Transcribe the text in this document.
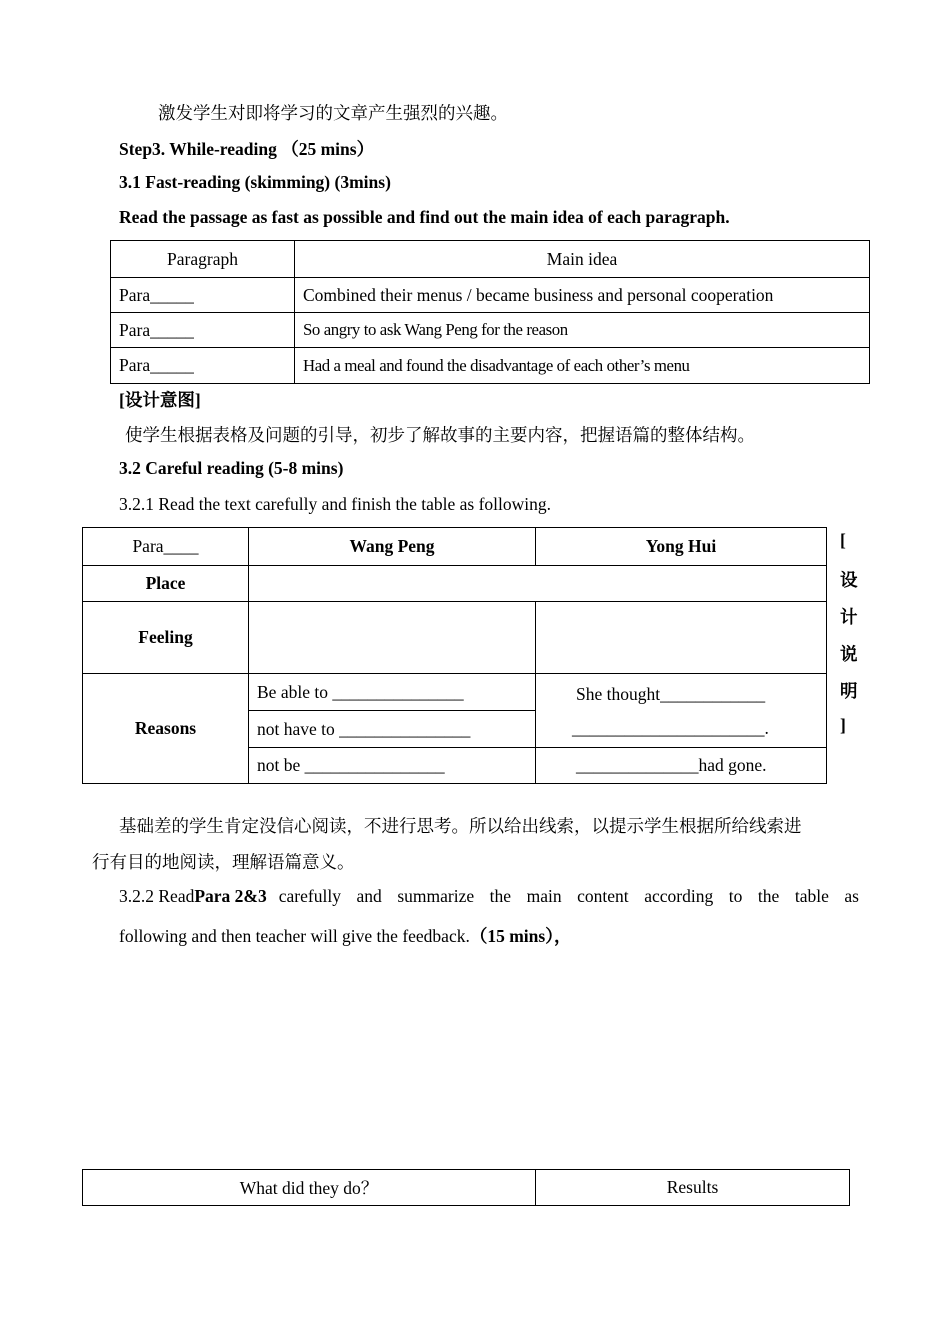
激发学生对即将学习的文章产生强烈的兴趣。
Step3. While-reading （25 mins）
3.1 Fast-reading (skimming) (3mins)
Read the passage as fast as possible and find out the main idea of each paragraph.
Paragraph	Main idea
Para_____	Combined their menus / became business and personal cooperation
Para_____	So angry to ask Wang Peng for the reason
Para_____	Had a meal and found the disadvantage of each other’s menu
[设计意图]
使学生根据表格及问题的引导，初步了解故事的主要内容，把握语篇的整体结构。
3.2 Careful reading (5-8 mins)
3.2.1 Read the text carefully and finish the table as following.
Para____	Wang Peng	Yong Hui
Place		
Feeling		
Reasons	Be able to _______________	She thought____________
______________________.

	not have to _______________	
	not be ________________	______________had gone.
[
设
计
说
明
]
基础差的学生肯定没信心阅读，不进行思考。所以给出线索，以提示学生根据所给线索进
行有目的地阅读，理解语篇意义。
3.2.2 Read Para 2&3 carefully and summarize the main content according to the table as
following and then teacher will give the feedback.（15 mins），
What did they do？	Results
